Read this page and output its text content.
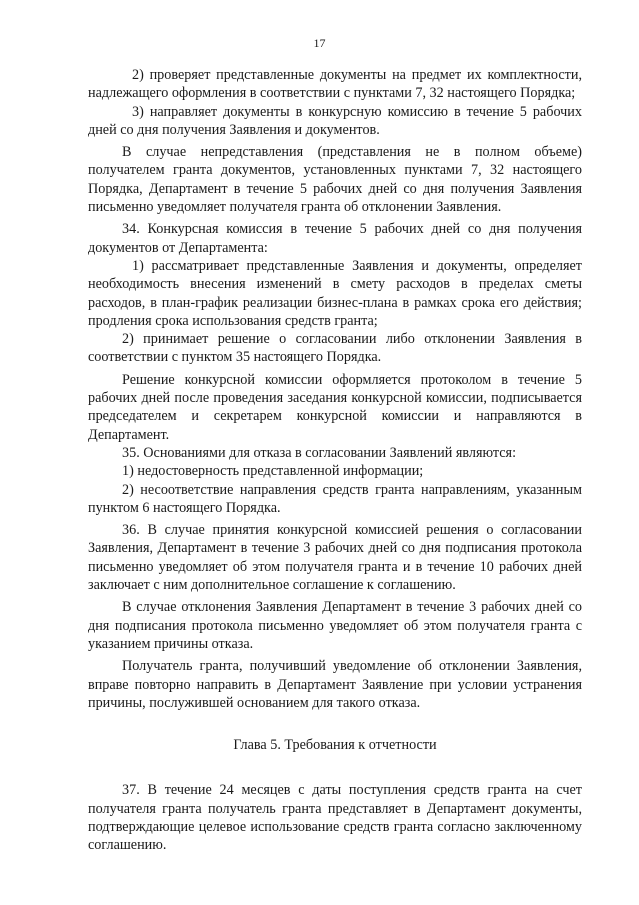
17

2) проверяет представленные документы на предмет их комплектности, надлежащего оформления в соответствии с пунктами 7, 32 настоящего Порядка;

3) направляет документы в конкурсную комиссию в течение 5 рабочих дней со дня получения Заявления и документов.

В случае непредставления (представления не в полном объеме) получателем гранта документов, установленных пунктами 7, 32 настоящего Порядка, Департамент в течение 5 рабочих дней со дня получения Заявления письменно уведомляет получателя гранта об отклонении Заявления.

34. Конкурсная комиссия в течение 5 рабочих дней со дня получения документов от Департамента:

1) рассматривает представленные Заявления и документы, определяет необходимость внесения изменений в смету расходов в пределах сметы расходов, в план-график реализации бизнес-плана в рамках срока его действия; продления срока использования средств гранта;

2) принимает решение о согласовании либо отклонении Заявления в соответствии с пунктом 35 настоящего Порядка.

Решение конкурсной комиссии оформляется протоколом в течение 5 рабочих дней после проведения заседания конкурсной комиссии, подписывается председателем и секретарем конкурсной комиссии и направляются в Департамент.

35. Основаниями для отказа в согласовании Заявлений являются:

1) недостоверность представленной информации;

2) несоответствие направления средств гранта направлениям, указанным пунктом 6 настоящего Порядка.

36. В случае принятия конкурсной комиссией решения о согласовании Заявления, Департамент в течение 3 рабочих дней со дня подписания протокола письменно уведомляет об этом получателя гранта и в течение 10 рабочих дней заключает с ним дополнительное соглашение к соглашению.

В случае отклонения Заявления Департамент в течение 3 рабочих дней со дня подписания протокола письменно уведомляет об этом получателя гранта с указанием причины отказа.

Получатель гранта, получивший уведомление об отклонении Заявления, вправе повторно направить в Департамент Заявление при условии устранения причины, послужившей основанием для такого отказа.

Глава 5. Требования к отчетности

37. В течение 24 месяцев с даты поступления средств гранта на счет получателя гранта получатель гранта представляет в Департамент документы, подтверждающие целевое использование средств гранта согласно заключенному соглашению.
